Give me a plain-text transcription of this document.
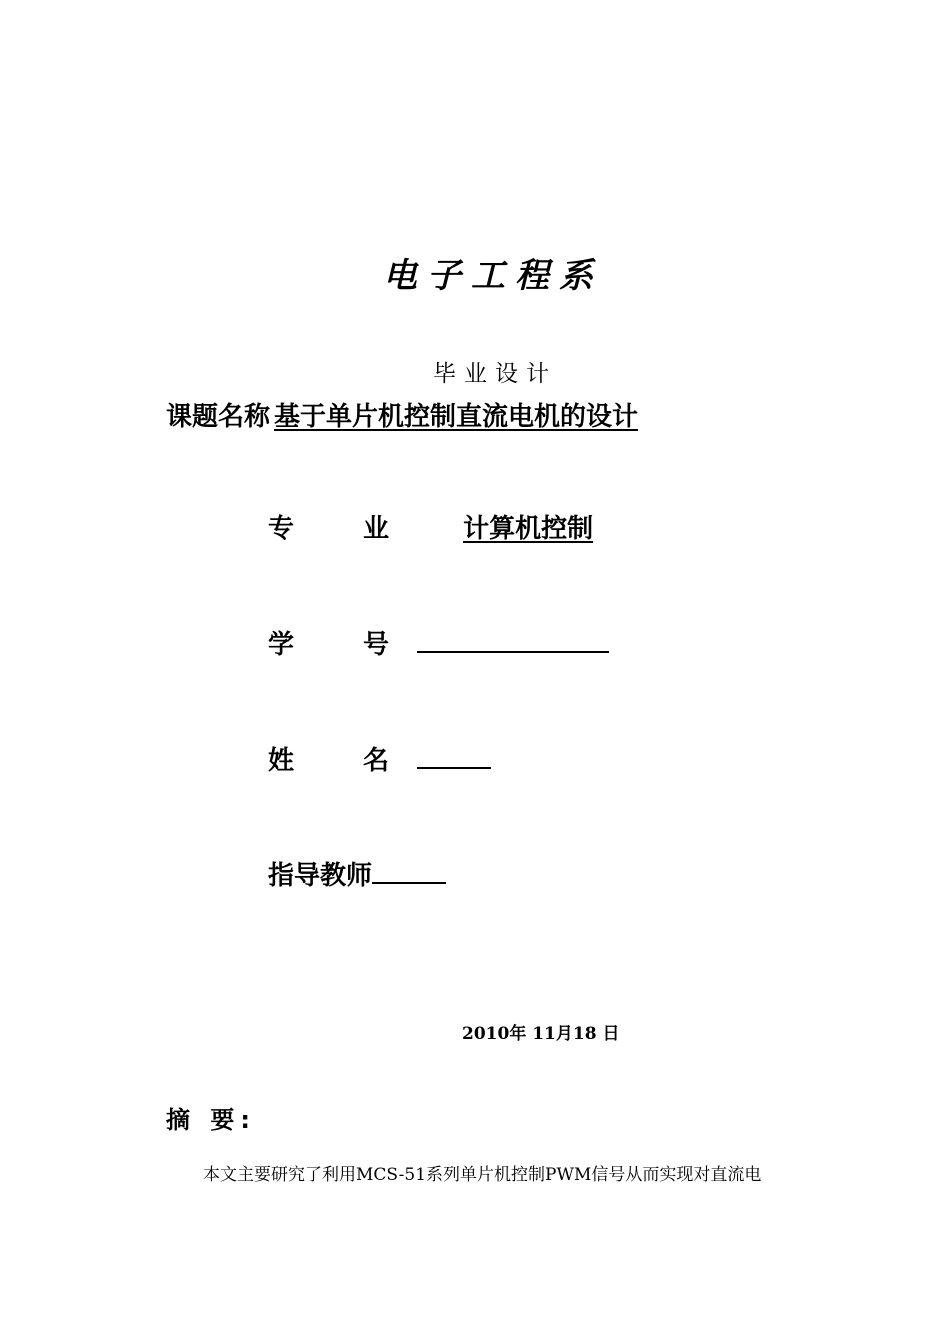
电子工程系
毕业设计
课题名称 基于单片机控制直流电机的设计
专 业	计算机控制
学 号
姓 名
指导教师
2010年 11月18 日
摘 要:
本文主要研究了利用MCS-51系列单片机控制PWM信号从而实现对直流电
